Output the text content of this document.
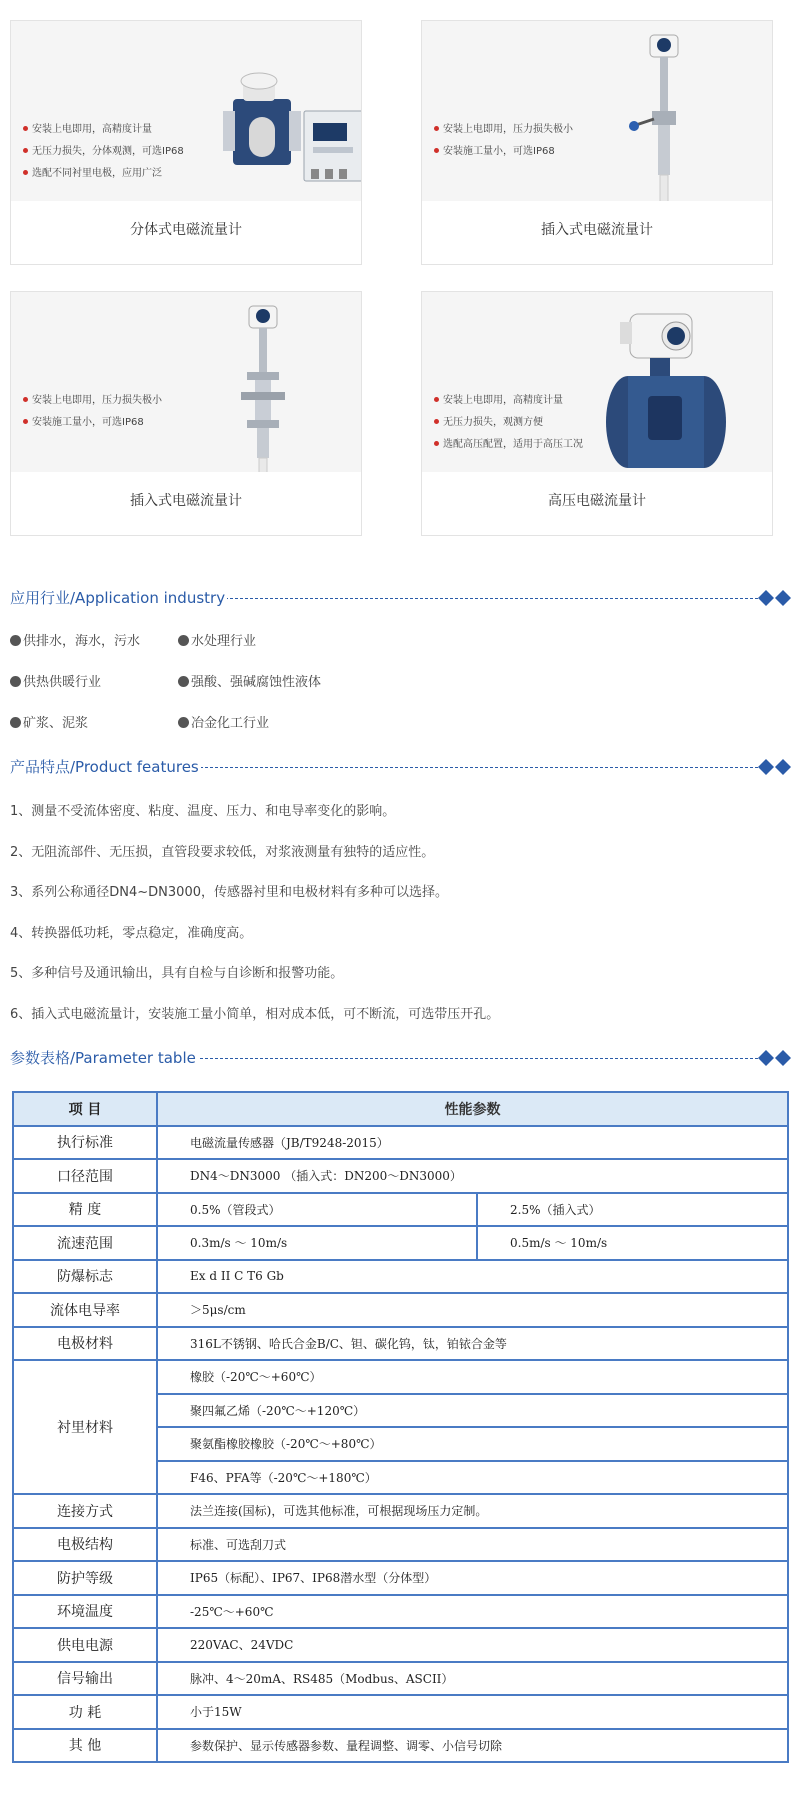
安装上电即用，高精度计量
无压力损失，分体观测，可选IP68
选配不同衬里电极，应用广泛
分体式电磁流量计
安装上电即用，压力损失极小
安装施工量小，可选IP68
插入式电磁流量计
安装上电即用，压力损失极小
安装施工量小，可选IP68
插入式电磁流量计
安装上电即用，高精度计量
无压力损失，观测方便
选配高压配置，适用于高压工况
高压电磁流量计
应用行业/Application industry
供排水，海水，污水	水处理行业
供热供暖行业	强酸、强碱腐蚀性液体
矿浆、泥浆	冶金化工行业
产品特点/Product features
1、测量不受流体密度、粘度、温度、压力、和电导率变化的影响。
2、无阻流部件、无压损，直管段要求较低，对浆液测量有独特的适应性。
3、系列公称通径DN4~DN3000，传感器衬里和电极材料有多种可以选择。
4、转换器低功耗，零点稳定，准确度高。
5、多种信号及通讯输出，具有自检与自诊断和报警功能。
6、插入式电磁流量计，安装施工量小简单，相对成本低，可不断流，可选带压开孔。
参数表格/Parameter table
项 目	性能参数	
执行标准	电磁流量传感器（JB/T9248-2015）	
口径范围	DN4～DN3000 （插入式：DN200～DN3000）	
精 度	0.5%（管段式）	2.5%（插入式）
流速范围	0.3m/s ～ 10m/s	0.5m/s ～ 10m/s
防爆标志	Ex d II C T6 Gb	
流体电导率	＞5μs/cm	
电极材料	316L不锈钢、哈氏合金B/C、钽、碳化钨，钛，铂铱合金等	
衬里材料	橡胶（-20℃～+60℃）	
	聚四氟乙烯（-20℃～+120℃）	
	聚氨酯橡胶橡胶（-20℃～+80℃）	
	F46、PFA等（-20℃～+180℃）	
连接方式	法兰连接(国标)，可选其他标准，可根据现场压力定制。	
电极结构	标准、可选刮刀式	
防护等级	IP65（标配）、IP67、IP68潜水型（分体型）	
环境温度	-25℃～+60℃	
供电电源	220VAC、24VDC	
信号输出	脉冲、4～20mA、RS485（Modbus、ASCII）	
功 耗	小于15W	
其 他	参数保护、显示传感器参数、量程调整、调零、小信号切除	
